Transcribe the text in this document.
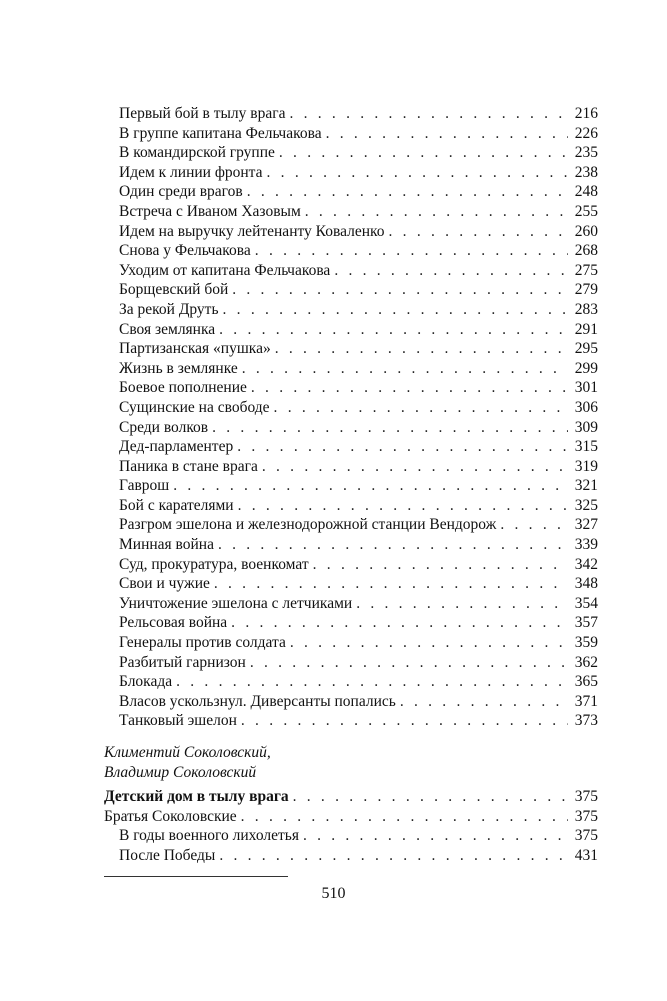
Первый бой в тылу врага . . .	216
В группе капитана Фельчакова . . .	226
В командирской группе . . .	235
Идем к линии фронта . . .	238
Один среди врагов . . .	248
Встреча с Иваном Хазовым . . .	255
Идем на выручку лейтенанту Коваленко . . .	260
Снова у Фельчакова . . .	268
Уходим от капитана Фельчакова . . .	275
Борщевский бой . . .	279
За рекой Друть . . .	283
Своя землянка . . .	291
Партизанская «пушка» . . .	295
Жизнь в землянке . . .	299
Боевое пополнение . . .	301
Сущинские на свободе . . .	306
Среди волков . . .	309
Дед-парламентер . . .	315
Паника в стане врага . . .	319
Гаврош . . .	321
Бой с карателями . . .	325
Разгром эшелона и железнодорожной станции Вендорож . . .	327
Минная война . . .	339
Суд, прокуратура, военкомат . . .	342
Свои и чужие . . .	348
Уничтожение эшелона с летчиками . . .	354
Рельсовая война . . .	357
Генералы против солдата . . .	359
Разбитый гарнизон . . .	362
Блокада . . .	365
Власов ускользнул. Диверсанты попались . . .	371
Танковый эшелон . . .	373
Климентий Соколовский,
Владимир Соколовский
Детский дом в тылу врага . . .	375
Братья Соколовские . . .	375
В годы военного лихолетья . . .	375
После Победы . . .	431
510
